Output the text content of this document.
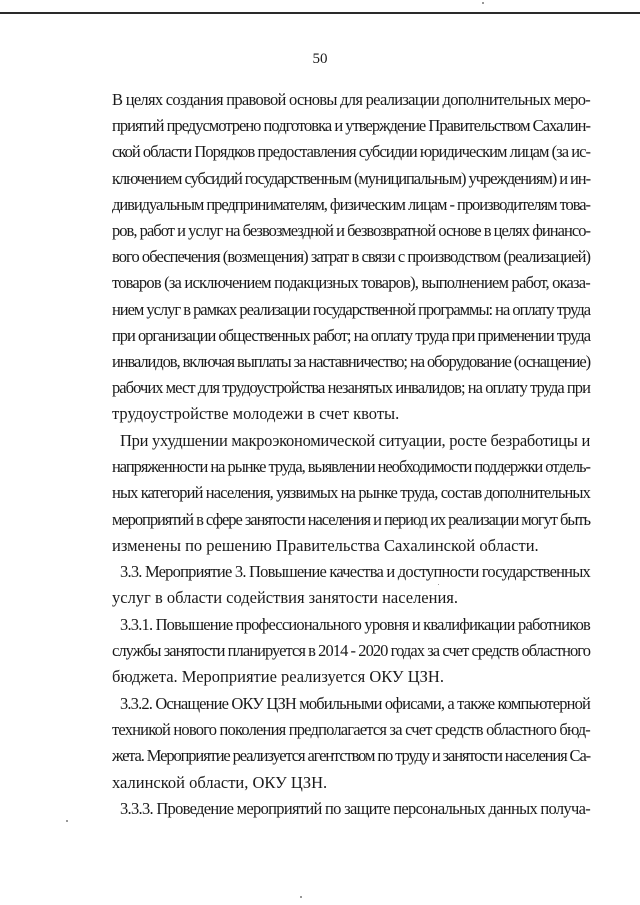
50
В целях создания правовой основы для реализации дополнительных меро-
приятий предусмотрено подготовка и утверждение Правительством Сахалин-
ской области Порядков предоставления субсидии юридическим лицам (за ис-
ключением субсидий государственным (муниципальным) учреждениям) и ин-
дивидуальным предпринимателям, физическим лицам - производителям това-
ров, работ и услуг на безвозмездной и безвозвратной основе в целях финансо-
вого обеспечения (возмещения) затрат в связи с производством (реализацией)
товаров (за исключением подакцизных товаров), выполнением работ, оказа-
нием услуг в рамках реализации государственной программы: на оплату труда
при организации общественных работ; на оплату труда при применении труда
инвалидов, включая выплаты за наставничество; на оборудование (оснащение)
рабочих мест для трудоустройства незанятых инвалидов; на оплату труда при
трудоустройстве молодежи в счет квоты.
При ухудшении макроэкономической ситуации, росте безработицы и
напряженности на рынке труда, выявлении необходимости поддержки отдель-
ных категорий населения, уязвимых на рынке труда, состав дополнительных
мероприятий в сфере занятости населения и период их реализации могут быть
изменены по решению Правительства Сахалинской области.
3.3. Мероприятие 3. Повышение качества и доступности государственных
услуг в области содействия занятости населения.
3.3.1. Повышение профессионального уровня и квалификации работников
службы занятости планируется в 2014 - 2020 годах за счет средств областного
бюджета. Мероприятие реализуется ОКУ ЦЗН.
3.3.2. Оснащение ОКУ ЦЗН мобильными офисами, а также компьютерной
техникой нового поколения предполагается за счет средств областного бюд-
жета. Мероприятие реализуется агентством по труду и занятости населения Са-
халинской области, ОКУ ЦЗН.
3.3.3. Проведение мероприятий по защите персональных данных получа-
